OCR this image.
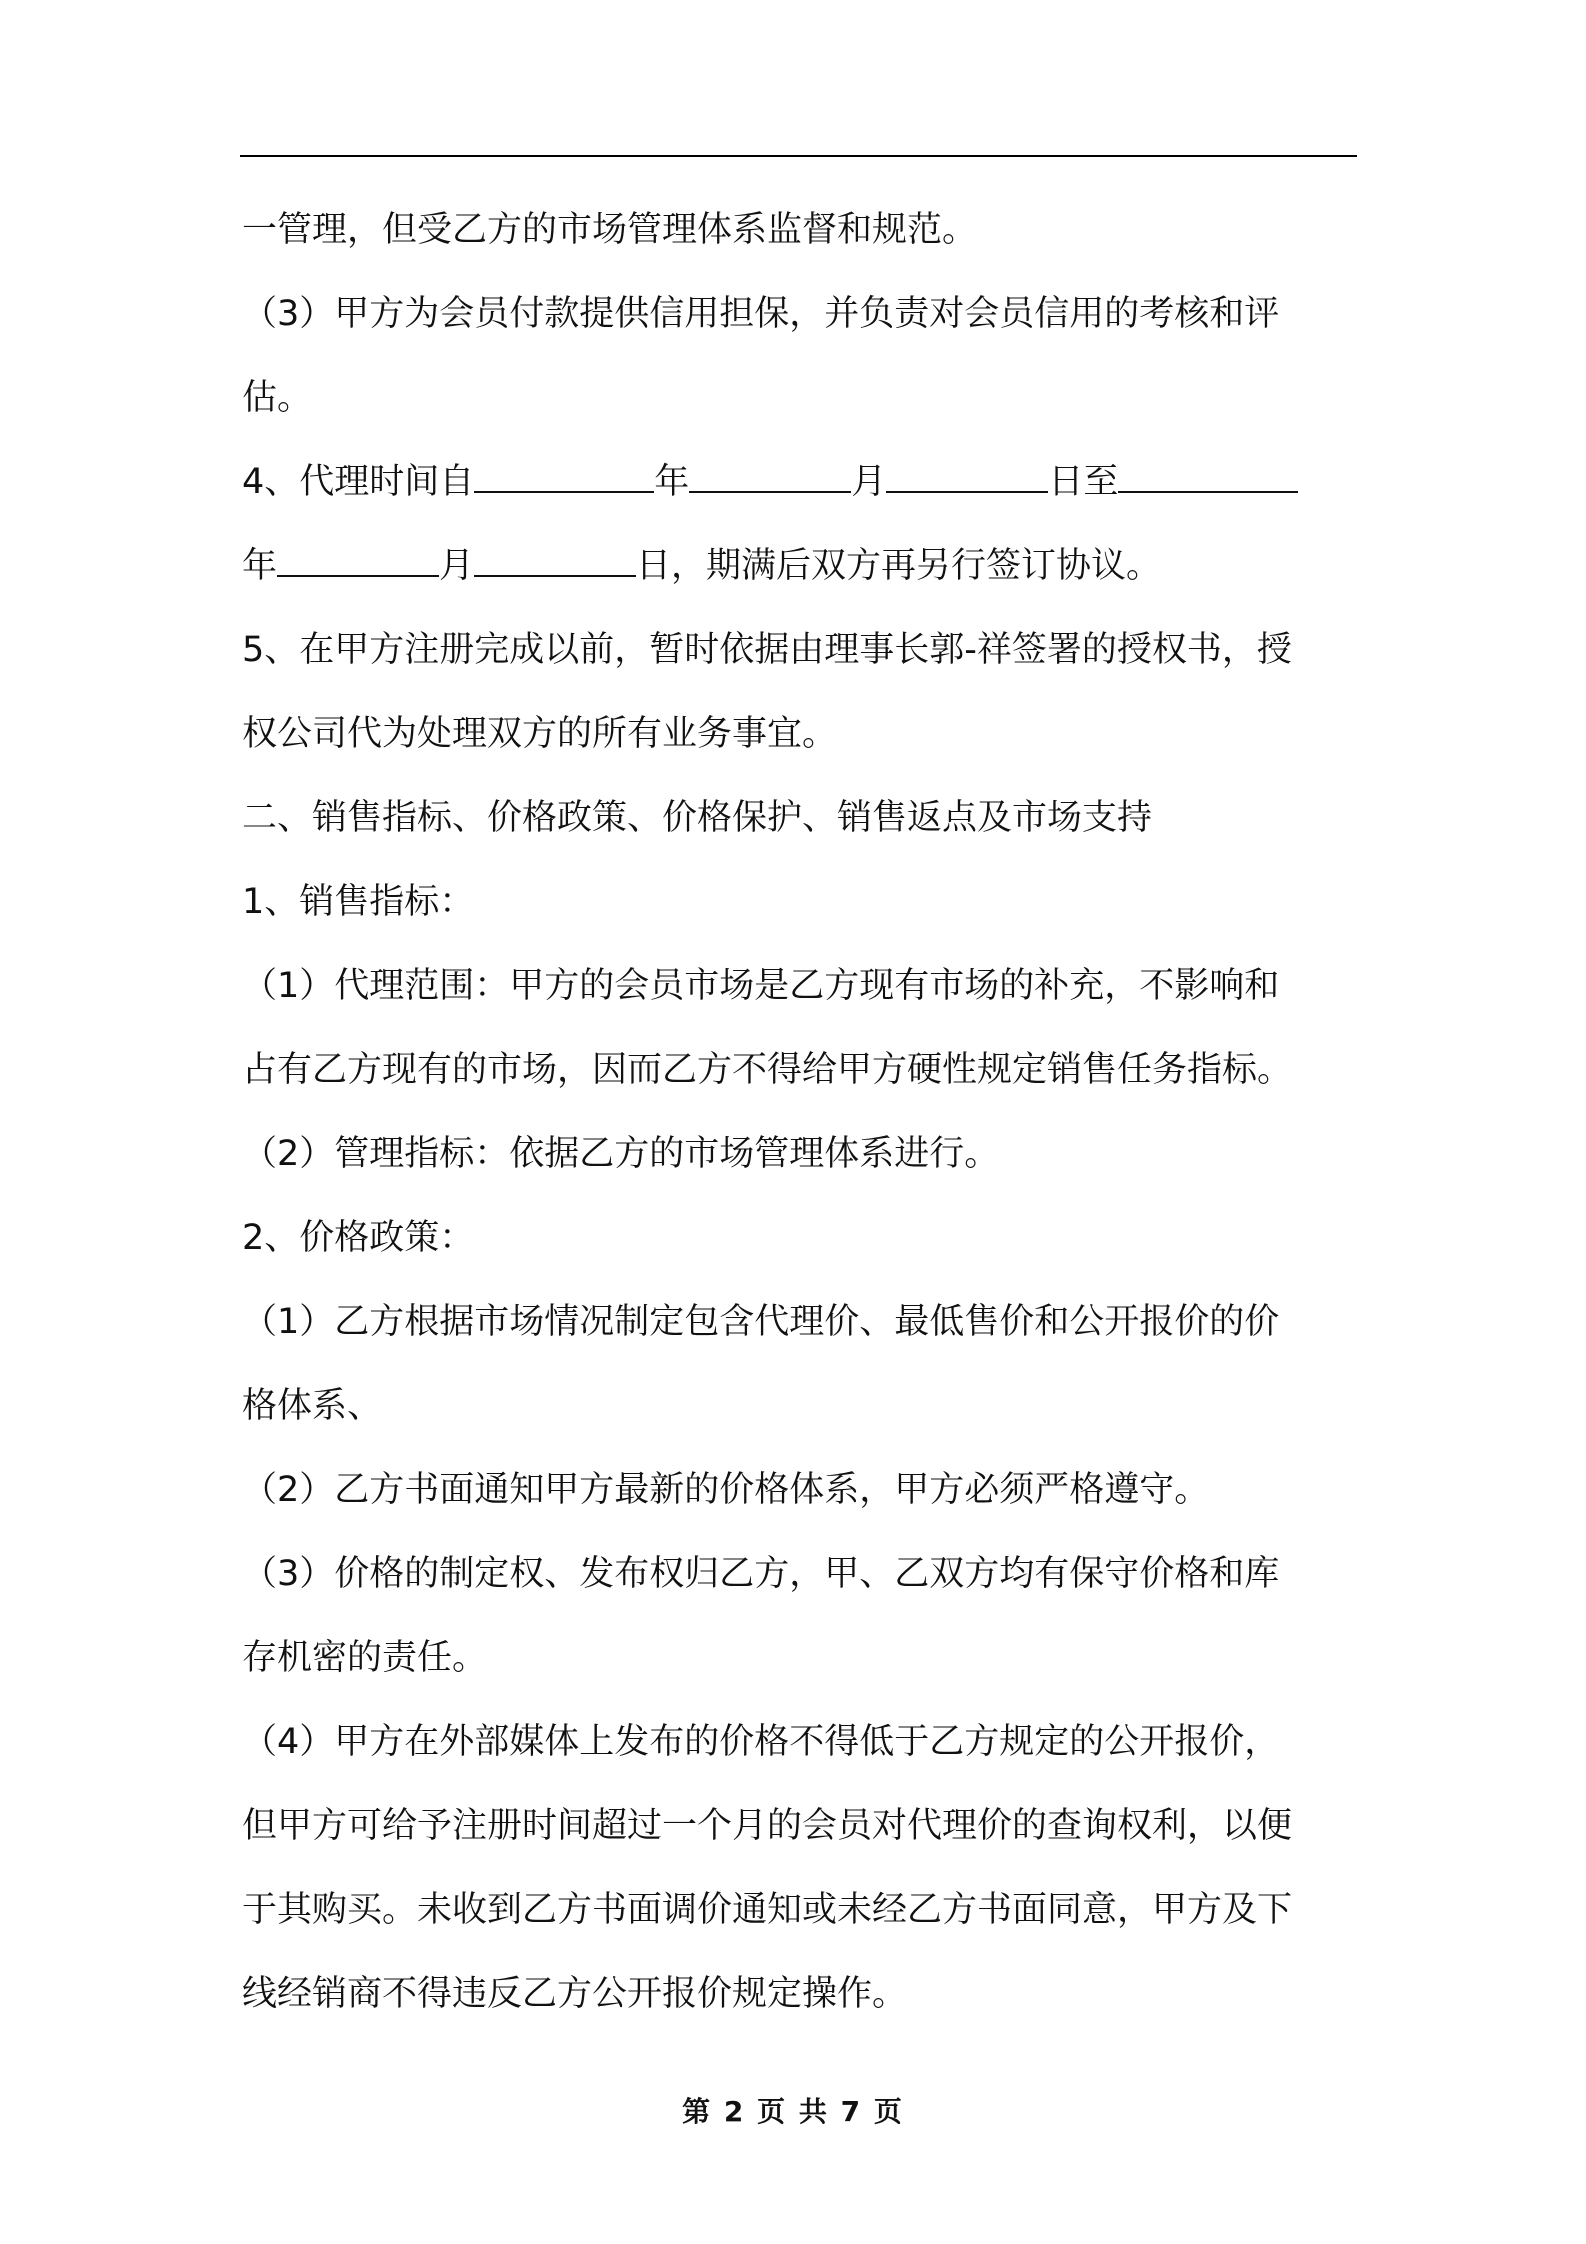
一管理，但受乙方的市场管理体系监督和规范。

（3）甲方为会员付款提供信用担保，并负责对会员信用的考核和评

估。

4、代理时间自	年	月	日至

年	月	日，期满后双方再另行签订协议。

5、在甲方注册完成以前，暂时依据由理事长郭-祥签署的授权书，授

权公司代为处理双方的所有业务事宜。

二、销售指标、价格政策、价格保护、销售返点及市场支持

1、销售指标：

（1）代理范围：甲方的会员市场是乙方现有市场的补充，不影响和

占有乙方现有的市场，因而乙方不得给甲方硬性规定销售任务指标。

（2）管理指标：依据乙方的市场管理体系进行。

2、价格政策：

（1）乙方根据市场情况制定包含代理价、最低售价和公开报价的价

格体系、

（2）乙方书面通知甲方最新的价格体系，甲方必须严格遵守。

（3）价格的制定权、发布权归乙方，甲、乙双方均有保守价格和库

存机密的责任。

（4）甲方在外部媒体上发布的价格不得低于乙方规定的公开报价，

但甲方可给予注册时间超过一个月的会员对代理价的查询权利，以便

于其购买。未收到乙方书面调价通知或未经乙方书面同意，甲方及下

线经销商不得违反乙方公开报价规定操作。

第 2 页 共 7 页
